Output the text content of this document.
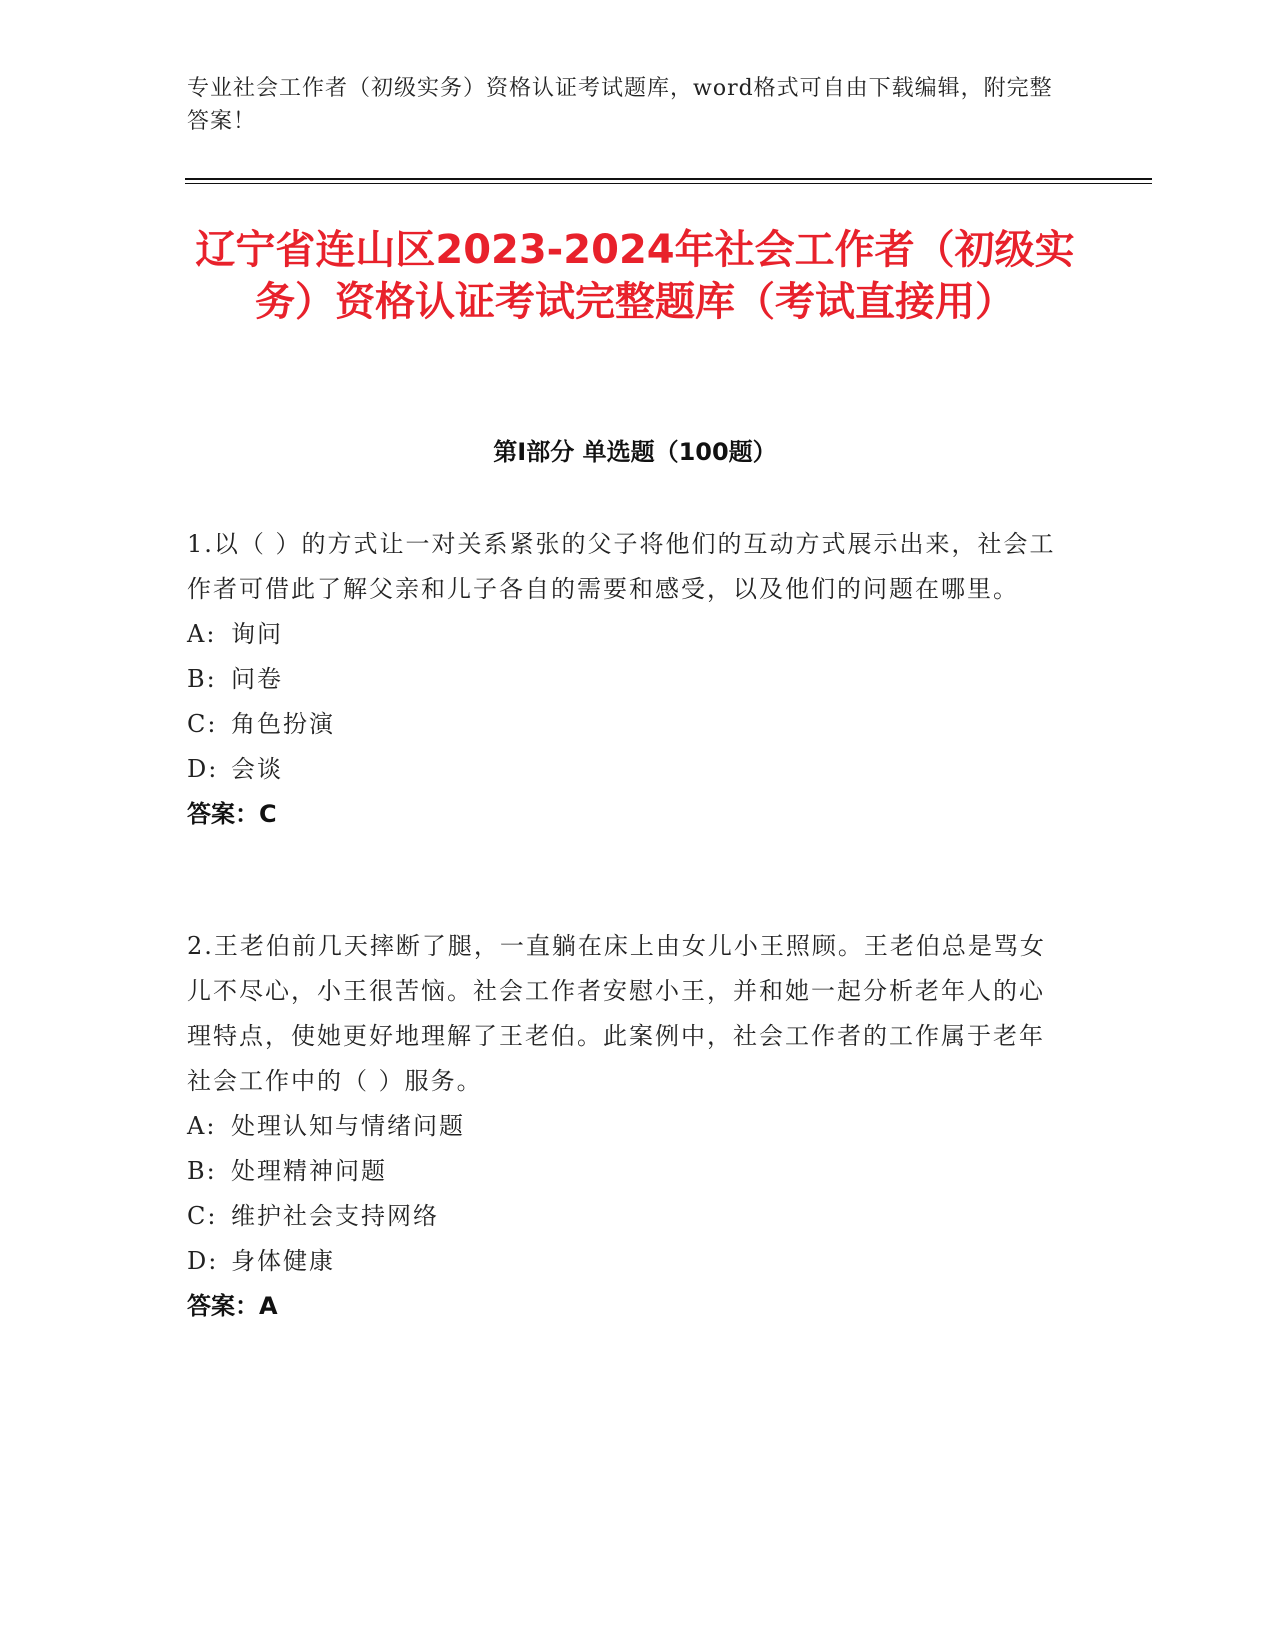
专业社会工作者（初级实务）资格认证考试题库，word格式可自由下载编辑，附完整答案！
辽宁省连山区2023-2024年社会工作者（初级实务）资格认证考试完整题库（考试直接用）
第I部分 单选题（100题）

1.以（ ）的方式让一对关系紧张的父子将他们的互动方式展示出来，社会工作者可借此了解父亲和儿子各自的需要和感受，以及他们的问题在哪里。

A: 询问

B: 问卷

C: 角色扮演

D: 会谈

答案：C

2.王老伯前几天摔断了腿，一直躺在床上由女儿小王照顾。王老伯总是骂女儿不尽心，小王很苦恼。社会工作者安慰小王，并和她一起分析老年人的心理特点，使她更好地理解了王老伯。此案例中，社会工作者的工作属于老年社会工作中的（ ）服务。

A: 处理认知与情绪问题

B: 处理精神问题

C: 维护社会支持网络

D: 身体健康

答案：A
